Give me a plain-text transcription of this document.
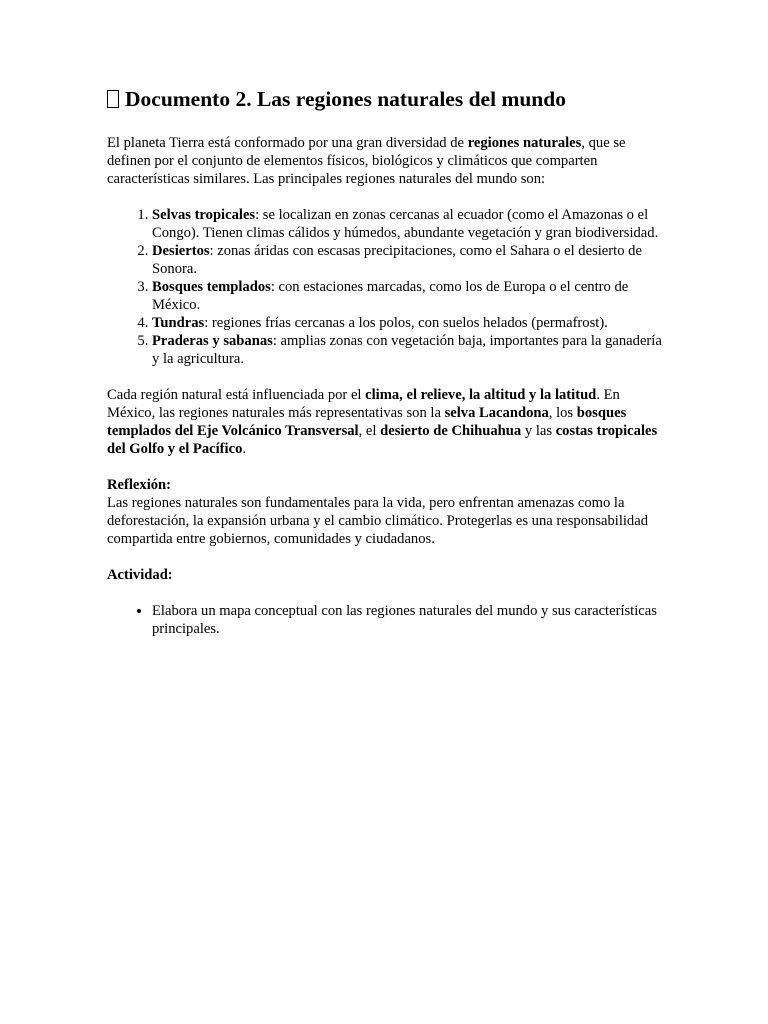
Documento 2. Las regiones naturales del mundo

El planeta Tierra está conformado por una gran diversidad de regiones naturales, que se definen por el conjunto de elementos físicos, biológicos y climáticos que comparten características similares. Las principales regiones naturales del mundo son:

1. Selvas tropicales: se localizan en zonas cercanas al ecuador (como el Amazonas o el Congo). Tienen climas cálidos y húmedos, abundante vegetación y gran biodiversidad.
2. Desiertos: zonas áridas con escasas precipitaciones, como el Sahara o el desierto de Sonora.
3. Bosques templados: con estaciones marcadas, como los de Europa o el centro de México.
4. Tundras: regiones frías cercanas a los polos, con suelos helados (permafrost).
5. Praderas y sabanas: amplias zonas con vegetación baja, importantes para la ganadería y la agricultura.

Cada región natural está influenciada por el clima, el relieve, la altitud y la latitud. En México, las regiones naturales más representativas son la selva Lacandona, los bosques templados del Eje Volcánico Transversal, el desierto de Chihuahua y las costas tropicales del Golfo y el Pacífico.

Reflexión:
Las regiones naturales son fundamentales para la vida, pero enfrentan amenazas como la deforestación, la expansión urbana y el cambio climático. Protegerlas es una responsabilidad compartida entre gobiernos, comunidades y ciudadanos.

Actividad:
• Elabora un mapa conceptual con las regiones naturales del mundo y sus características principales.
